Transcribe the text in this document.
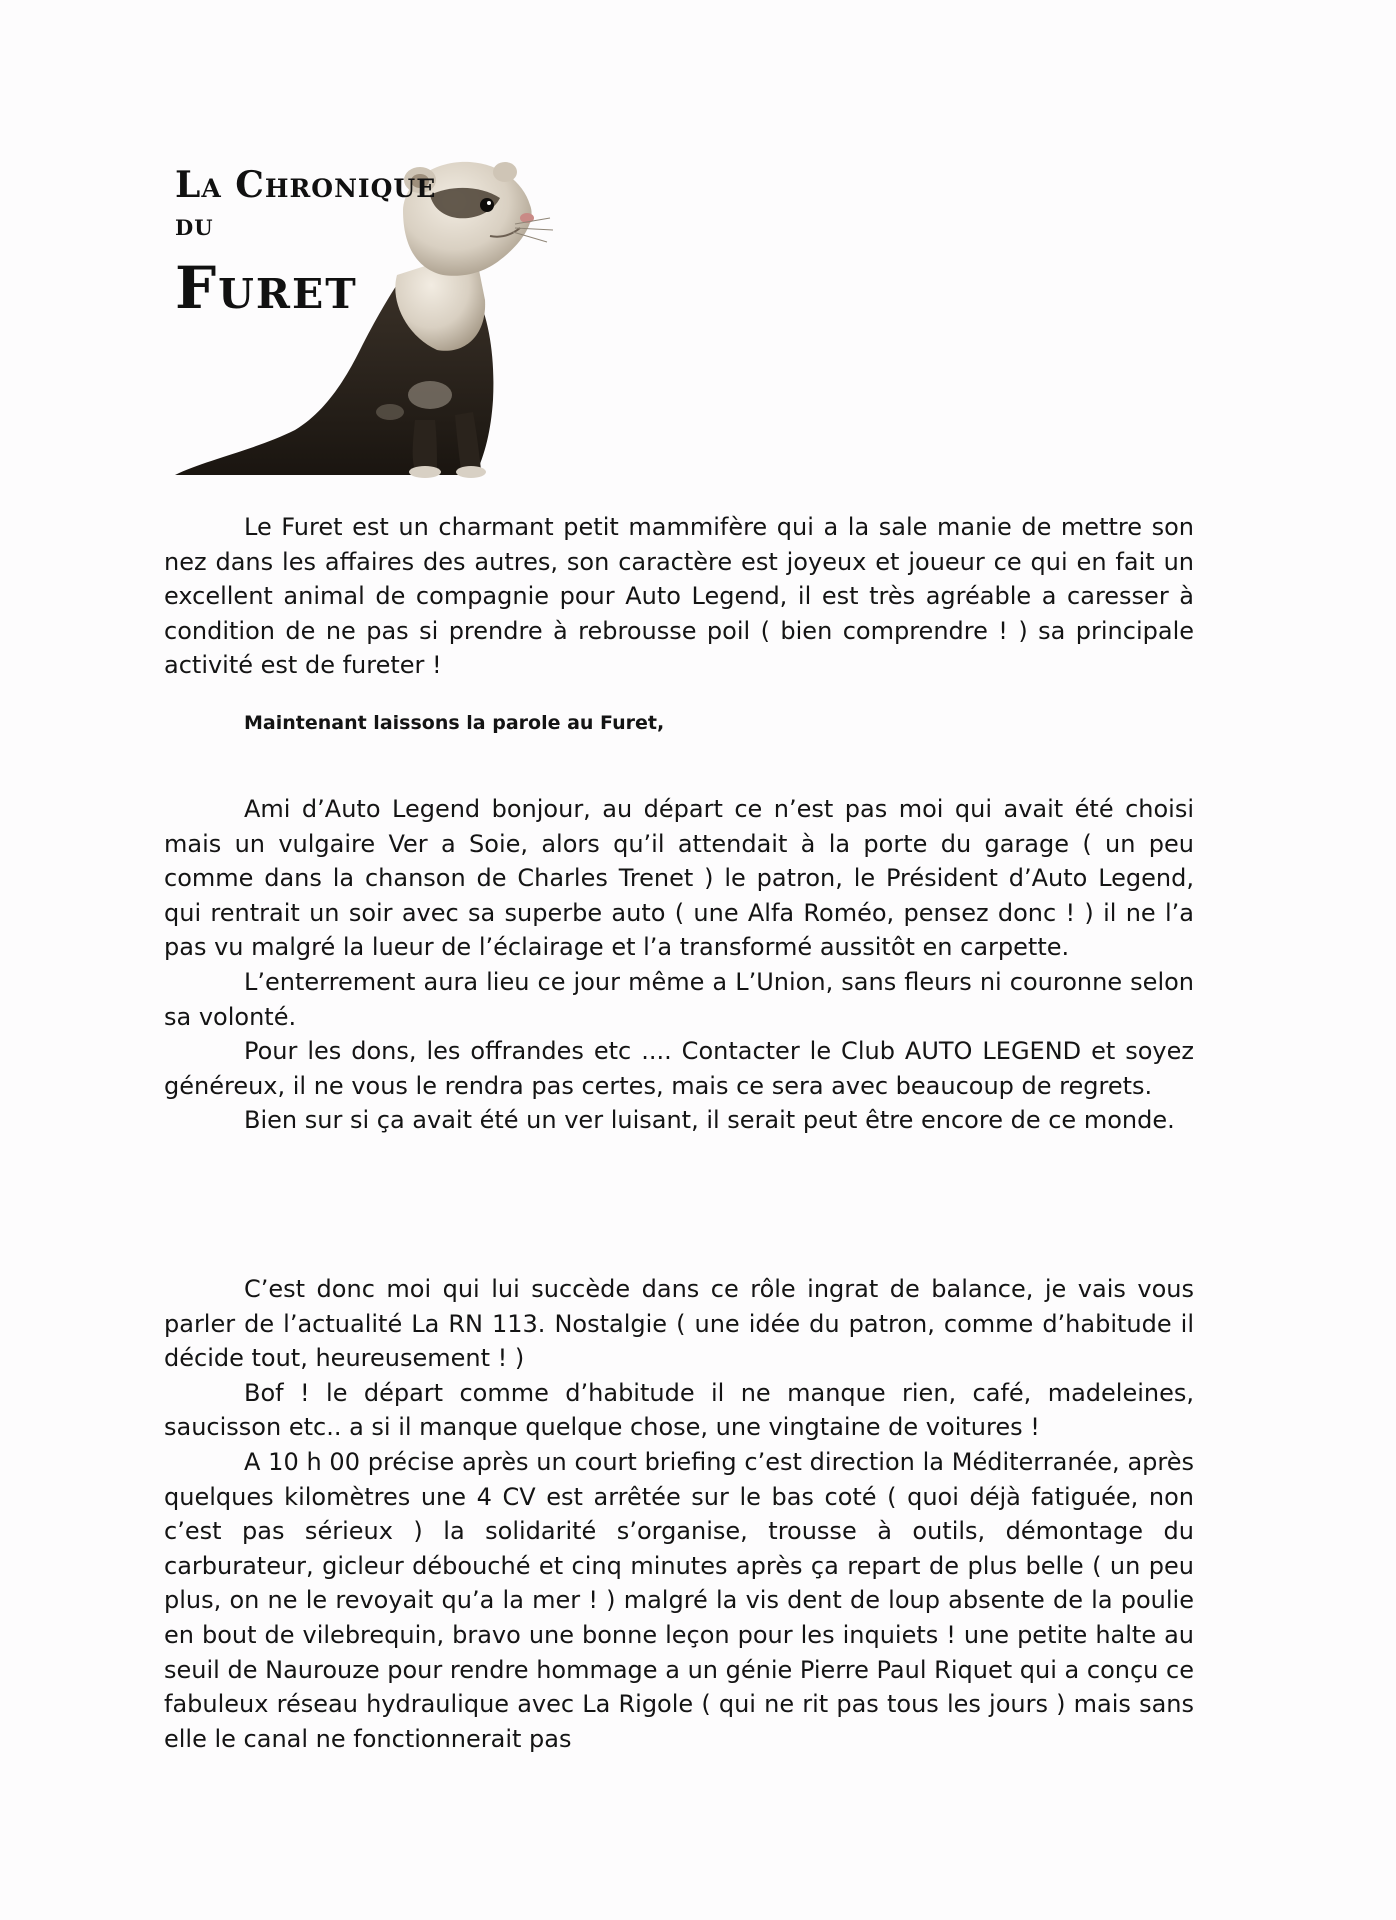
La Chronique
du
Furet

Le Furet est un charmant petit mammifère qui a la sale manie de mettre son nez dans les affaires des autres, son caractère est joyeux et joueur ce qui en fait un excellent animal de compagnie pour Auto Legend, il est très agréable a caresser à condition de ne pas si prendre à rebrousse poil ( bien comprendre ! ) sa principale activité est de fureter !

Maintenant laissons la parole au Furet,

Ami d’Auto Legend bonjour, au départ ce n’est pas moi qui avait été choisi mais un vulgaire Ver a Soie, alors qu’il attendait à la porte du garage ( un peu comme dans la chanson de Charles Trenet ) le patron, le Président d’Auto Legend, qui rentrait un soir avec sa superbe auto ( une Alfa Roméo, pensez donc ! ) il ne l’a pas vu malgré la lueur de l’éclairage et l’a transformé aussitôt en carpette.

L’enterrement aura lieu ce jour même a L’Union, sans fleurs ni couronne selon sa volonté.

Pour les dons, les offrandes etc .... Contacter le Club AUTO LEGEND et soyez généreux, il ne vous le rendra pas certes, mais ce sera avec beaucoup de regrets.

Bien sur si ça avait été un ver luisant, il serait peut être encore de ce monde.

C’est donc moi qui lui succède dans ce rôle ingrat de balance, je vais vous parler de l’actualité La RN 113. Nostalgie ( une idée du patron, comme d’habitude il décide tout, heureusement ! )

Bof ! le départ comme d’habitude il ne manque rien, café, madeleines, saucisson etc.. a si il manque quelque chose, une vingtaine de voitures !

A 10 h 00 précise après un court briefing c’est direction la Méditerranée, après quelques kilomètres une 4 CV est arrêtée sur le bas coté ( quoi déjà fatiguée, non c’est pas sérieux ) la solidarité s’organise, trousse à outils, démontage du carburateur, gicleur débouché et cinq minutes après ça repart de plus belle ( un peu plus, on ne le revoyait qu’a la mer ! ) malgré la vis dent de loup absente de la poulie en bout de vilebrequin, bravo une bonne leçon pour les inquiets ! une petite halte au seuil de Naurouze pour rendre hommage a un génie Pierre Paul Riquet qui a conçu ce fabuleux réseau hydraulique avec La Rigole ( qui ne rit pas tous les jours ) mais sans elle le canal ne fonctionnerait pas
